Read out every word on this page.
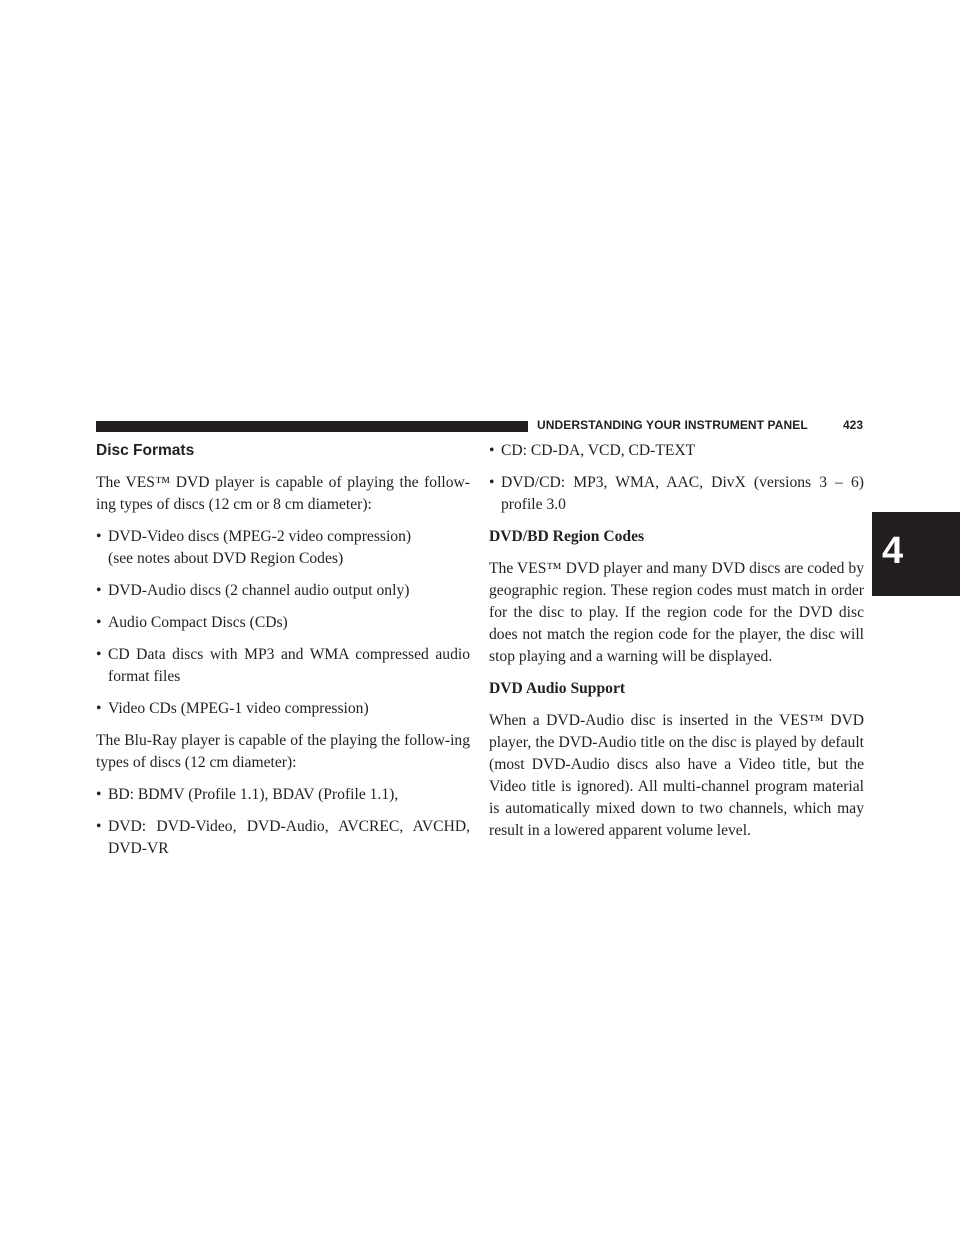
UNDERSTANDING YOUR INSTRUMENT PANEL	423
4
Disc Formats

The VES™ DVD player is capable of playing the follow-ing types of discs (12 cm or 8 cm diameter):

• DVD-Video discs (MPEG-2 video compression)
(see notes about DVD Region Codes)
• DVD-Audio discs (2 channel audio output only)
• Audio Compact Discs (CDs)
• CD Data discs with MP3 and WMA compressed audio format files
• Video CDs (MPEG-1 video compression)

The Blu-Ray player is capable of the playing the follow-ing types of discs (12 cm diameter):

• BD: BDMV (Profile 1.1), BDAV (Profile 1.1),
• DVD: DVD-Video, DVD-Audio, AVCREC, AVCHD, DVD-VR
• CD: CD-DA, VCD, CD-TEXT
• DVD/CD: MP3, WMA, AAC, DivX (versions 3 – 6) profile 3.0
DVD/BD Region Codes

The VES™ DVD player and many DVD discs are coded by geographic region. These region codes must match in order for the disc to play. If the region code for the DVD disc does not match the region code for the player, the disc will stop playing and a warning will be displayed.

DVD Audio Support

When a DVD-Audio disc is inserted in the VES™ DVD player, the DVD-Audio title on the disc is played by default (most DVD-Audio discs also have a Video title, but the Video title is ignored). All multi-channel program material is automatically mixed down to two channels, which may result in a lowered apparent volume level.
